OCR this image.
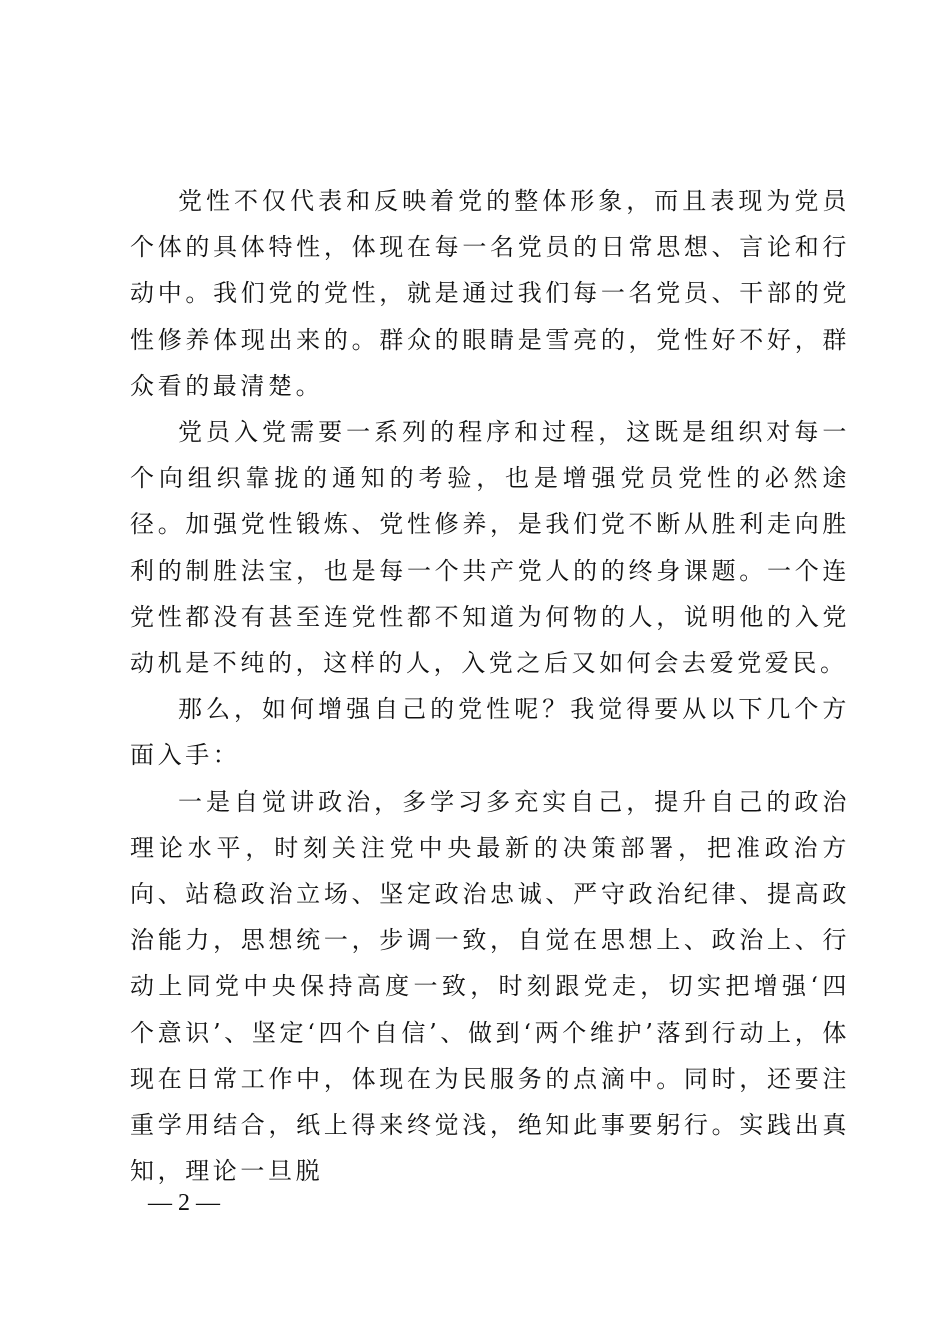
党性不仅代表和反映着党的整体形象，而且表现为党员个体的具体特性，体现在每一名党员的日常思想、言论和行动中。我们党的党性，就是通过我们每一名党员、干部的党性修养体现出来的。群众的眼睛是雪亮的，党性好不好，群众看的最清楚。

党员入党需要一系列的程序和过程，这既是组织对每一个向组织靠拢的通知的考验，也是增强党员党性的必然途径。加强党性锻炼、党性修养，是我们党不断从胜利走向胜利的制胜法宝，也是每一个共产党人的的终身课题。一个连党性都没有甚至连党性都不知道为何物的人，说明他的入党动机是不纯的，这样的人，入党之后又如何会去爱党爱民。

那么，如何增强自己的党性呢？我觉得要从以下几个方面入手：

一是自觉讲政治，多学习多充实自己，提升自己的政治理论水平，时刻关注党中央最新的决策部署，把准政治方向、站稳政治立场、坚定政治忠诚、严守政治纪律、提高政治能力，思想统一，步调一致，自觉在思想上、政治上、行动上同党中央保持高度一致，时刻跟党走，切实把增强‘四个意识’、坚定‘四个自信’、做到‘两个维护’落到行动上，体现在日常工作中，体现在为民服务的点滴中。同时，还要注重学用结合，纸上得来终觉浅，绝知此事要躬行。实践出真知，理论一旦脱

— 2 —
